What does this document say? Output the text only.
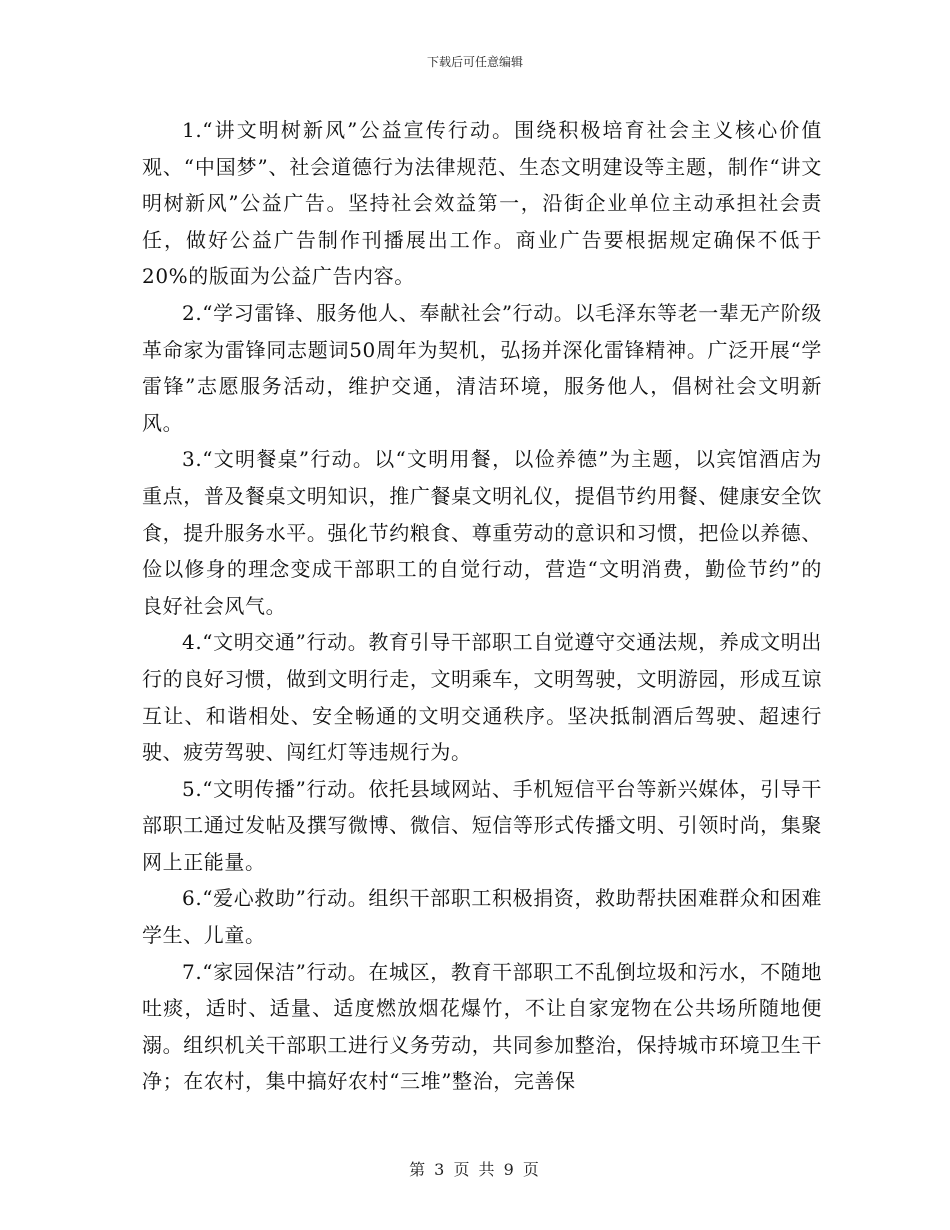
下载后可任意编辑

1.“讲文明树新风”公益宣传行动。围绕积极培育社会主义核心价值观、“中国梦”、社会道德行为法律规范、生态文明建设等主题，制作“讲文明树新风”公益广告。坚持社会效益第一，沿街企业单位主动承担社会责任，做好公益广告制作刊播展出工作。商业广告要根据规定确保不低于20%的版面为公益广告内容。

2.“学习雷锋、服务他人、奉献社会”行动。以毛泽东等老一辈无产阶级革命家为雷锋同志题词50周年为契机，弘扬并深化雷锋精神。广泛开展“学雷锋”志愿服务活动，维护交通，清洁环境，服务他人，倡树社会文明新风。

3.“文明餐桌”行动。以“文明用餐，以俭养德”为主题，以宾馆酒店为重点，普及餐桌文明知识，推广餐桌文明礼仪，提倡节约用餐、健康安全饮食，提升服务水平。强化节约粮食、尊重劳动的意识和习惯，把俭以养德、俭以修身的理念变成干部职工的自觉行动，营造“文明消费，勤俭节约”的良好社会风气。

4.“文明交通”行动。教育引导干部职工自觉遵守交通法规，养成文明出行的良好习惯，做到文明行走，文明乘车，文明驾驶，文明游园，形成互谅互让、和谐相处、安全畅通的文明交通秩序。坚决抵制酒后驾驶、超速行驶、疲劳驾驶、闯红灯等违规行为。

5.“文明传播”行动。依托县域网站、手机短信平台等新兴媒体，引导干部职工通过发帖及撰写微博、微信、短信等形式传播文明、引领时尚，集聚网上正能量。

6.“爱心救助”行动。组织干部职工积极捐资，救助帮扶困难群众和困难学生、儿童。

7.“家园保洁”行动。在城区，教育干部职工不乱倒垃圾和污水，不随地吐痰，适时、适量、适度燃放烟花爆竹，不让自家宠物在公共场所随地便溺。组织机关干部职工进行义务劳动，共同参加整治，保持城市环境卫生干净；在农村，集中搞好农村“三堆”整治，完善保

第 3 页 共 9 页
